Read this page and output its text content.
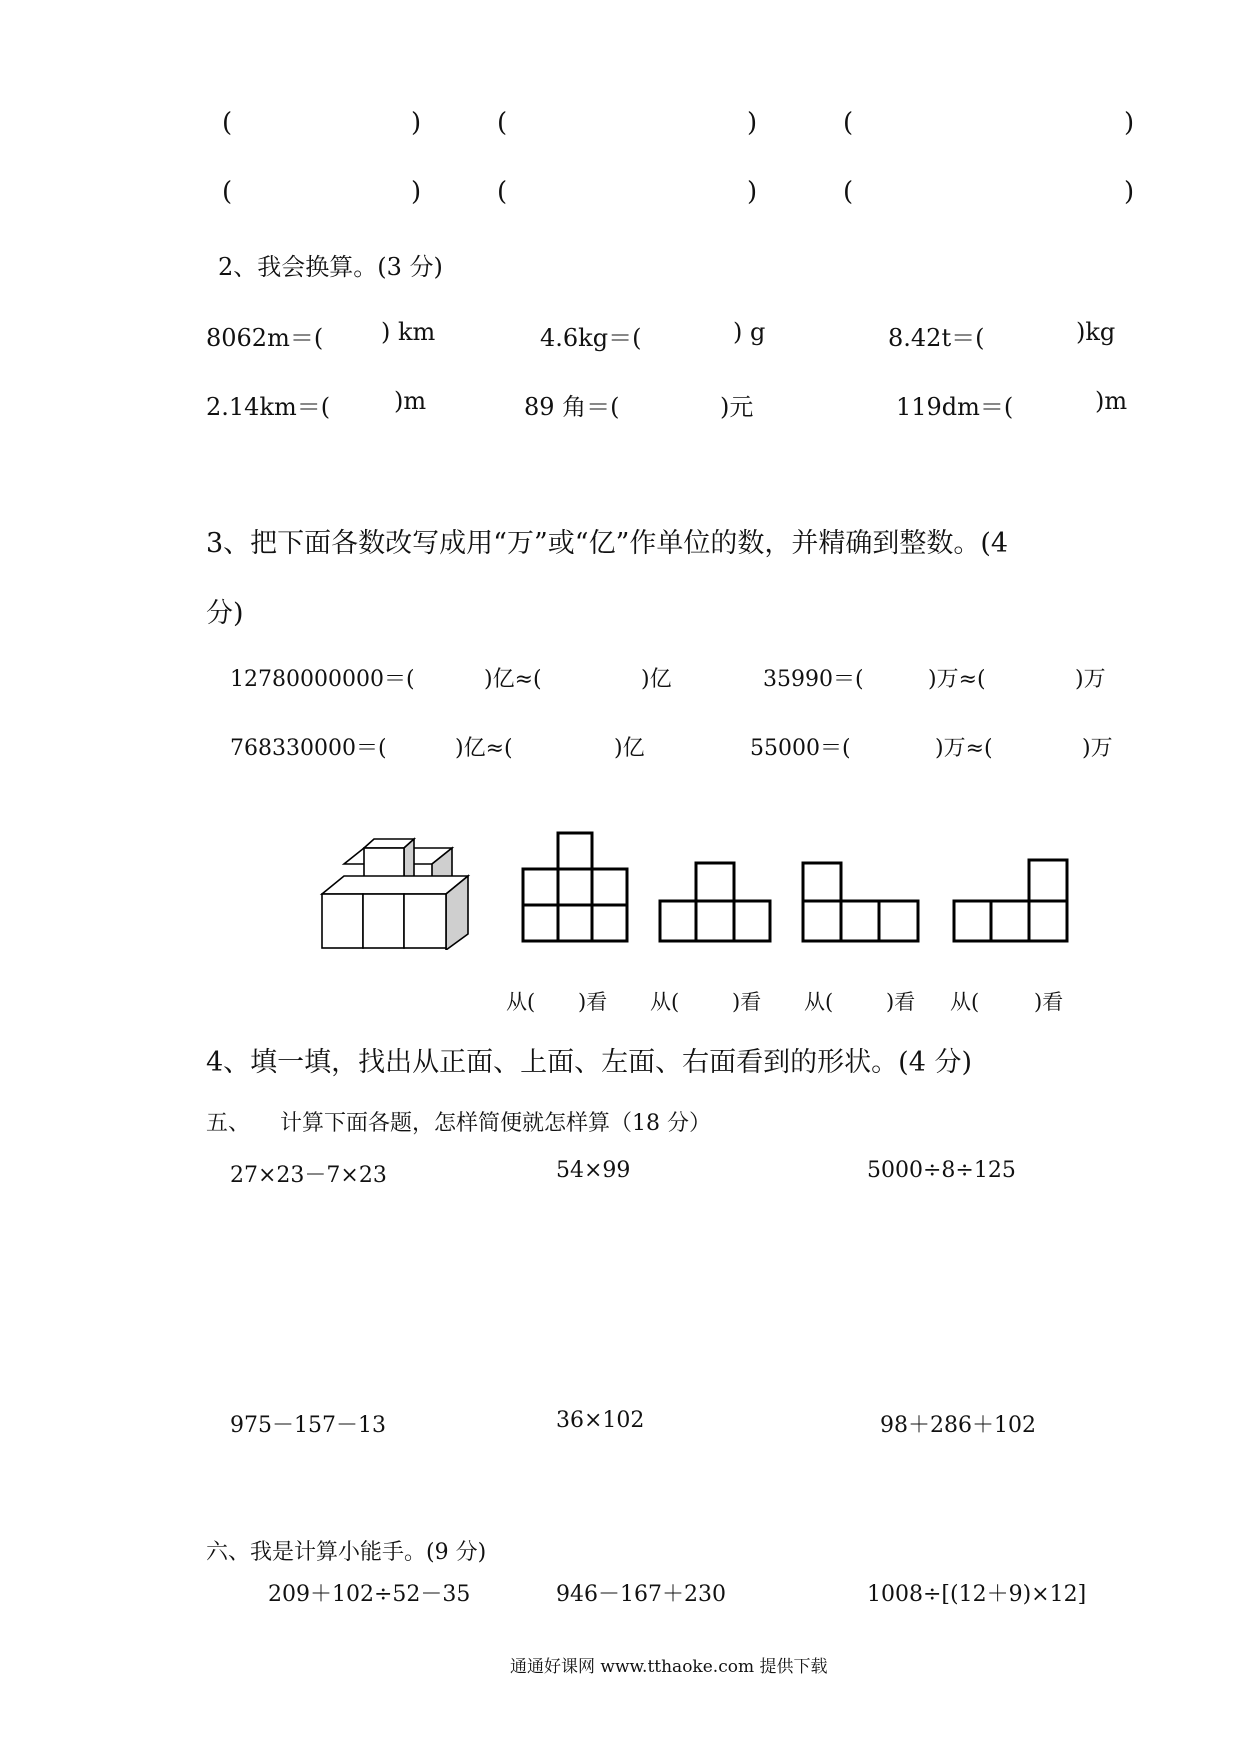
(	)	(	)	(	)
(	)	(	)	(	)
2、我会换算。(3 分)
8062m＝( ) km	4.6kg＝(	) g	8.42t＝(	)kg
2.14km＝(	)m	89 角＝(	)元	119dm＝(	)m
3、把下面各数改写成用“万”或“亿”作单位的数，并精确到整数。(4
分)
12780000000＝(	)亿≈(	)亿	35990＝(	)万≈(	)万
768330000＝(	)亿≈(	)亿	55000＝(	)万≈(	)万
从( )看 从(	)看 从(	)看 从(	)看
4、填一填，找出从正面、上面、左面、右面看到的形状。(4 分)
五、 计算下面各题，怎样简便就怎样算（18 分）
27×23－7×23	54×99	5000÷8÷125
975－157－13	36×102	98＋286＋102
六、我是计算小能手。(9 分)
209＋102÷52－35	946－167＋230	1008÷[(12＋9)×12]
通通好课网 www.tthaoke.com 提供下载
